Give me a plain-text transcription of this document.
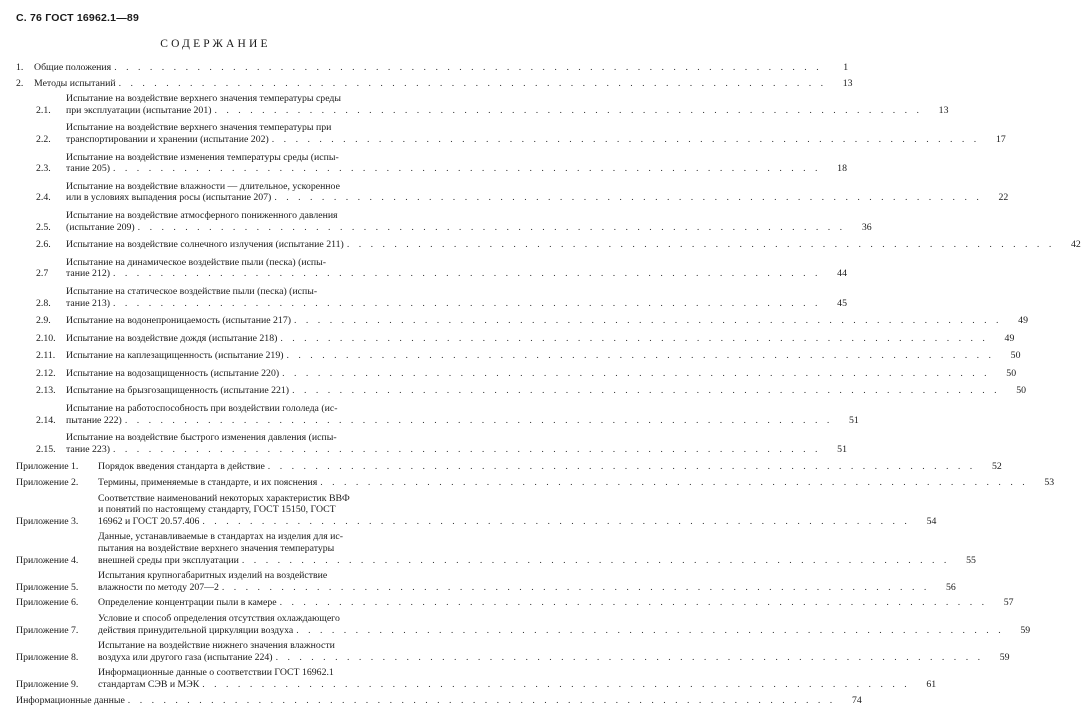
С. 76 ГОСТ 16962.1—89
СОДЕРЖАНИЕ
1.	Общие положения . . . . . . . . . . . . . . . . . . . . . . . . . . . . . . . . . . . . . . . . . . . . . . . . . . . . . . . . . . . .	1
2.	Методы испытаний . . . . . . . . . . . . . . . . . . . . . . . . . . . . . . . . . . . . . . . . . . . . . . . . . . . . . . . . . . . .	13
2.1.
Испытание на воздействие верхнего значения температуры среды
при эксплуатации (испытание 201) . . . . . . . . . . . . . . . . . . . . . . . . . . . . . . . . . . . . . . . . . . . . . . . . . . . . . . . . . . . .	13
2.2.
Испытание на воздействие верхнего значения температуры при
транспортировании и хранении (испытание 202) . . . . . . . . . . . . . . . . . . . . . . . . . . . . . . . . . . . . . . . . . . . . . . . . . . . . . . . . . . . .	17
2.3.
Испытание на воздействие изменения температуры среды (испы-
тание 205) . . . . . . . . . . . . . . . . . . . . . . . . . . . . . . . . . . . . . . . . . . . . . . . . . . . . . . . . . . . .	18
2.4.
Испытание на воздействие влажности — длительное, ускоренное
или в условиях выпадения росы (испытание 207) . . . . . . . . . . . . . . . . . . . . . . . . . . . . . . . . . . . . . . . . . . . . . . . . . . . . . . . . . . . .	22
2.5.
Испытание на воздействие атмосферного пониженного давления
(испытание 209) . . . . . . . . . . . . . . . . . . . . . . . . . . . . . . . . . . . . . . . . . . . . . . . . . . . . . . . . . . . .	36
2.6.	Испытание на воздействие солнечного излучения (испытание 211) . . . . . . . . . . . . . . . . . . . . . . . . . . . . . . . . . . . . . . . . . . . . . . . . . . . . . . . . . . . .	42
2.7
Испытание на динамическое воздействие пыли (песка) (испы-
тание 212) . . . . . . . . . . . . . . . . . . . . . . . . . . . . . . . . . . . . . . . . . . . . . . . . . . . . . . . . . . . .	44
2.8.
Испытание на статическое воздействие пыли (песка) (испы-
тание 213) . . . . . . . . . . . . . . . . . . . . . . . . . . . . . . . . . . . . . . . . . . . . . . . . . . . . . . . . . . . .	45
2.9.	Испытание на водонепроницаемость (испытание 217) . . . . . . . . . . . . . . . . . . . . . . . . . . . . . . . . . . . . . . . . . . . . . . . . . . . . . . . . . . . .	49
2.10.	Испытание на воздействие дождя (испытание 218) . . . . . . . . . . . . . . . . . . . . . . . . . . . . . . . . . . . . . . . . . . . . . . . . . . . . . . . . . . . .	49
2.11.	Испытание на каплезащищенность (испытание 219) . . . . . . . . . . . . . . . . . . . . . . . . . . . . . . . . . . . . . . . . . . . . . . . . . . . . . . . . . . . .	50
2.12.	Испытание на водозащищенность (испытание 220) . . . . . . . . . . . . . . . . . . . . . . . . . . . . . . . . . . . . . . . . . . . . . . . . . . . . . . . . . . . .	50
2.13.	Испытание на брызгозащищенность (испытание 221) . . . . . . . . . . . . . . . . . . . . . . . . . . . . . . . . . . . . . . . . . . . . . . . . . . . . . . . . . . . .	50
2.14.
Испытание на работоспособность при воздействии гололеда (ис-
пытание 222) . . . . . . . . . . . . . . . . . . . . . . . . . . . . . . . . . . . . . . . . . . . . . . . . . . . . . . . . . . . .	51
2.15.
Испытание на воздействие быстрого изменения давления (испы-
тание 223) . . . . . . . . . . . . . . . . . . . . . . . . . . . . . . . . . . . . . . . . . . . . . . . . . . . . . . . . . . . .	51
Приложение 1.	Порядок введения стандарта в действие . . . . . . . . . . . . . . . . . . . . . . . . . . . . . . . . . . . . . . . . . . . . . . . . . . . . . . . . . . . .	52
Приложение 2.	Термины, применяемые в стандарте, и их пояснения . . . . . . . . . . . . . . . . . . . . . . . . . . . . . . . . . . . . . . . . . . . . . . . . . . . . . . . . . . . .	53
Приложение 3.
Соответствие наименований некоторых характеристик ВВФ
и понятий по настоящему стандарту, ГОСТ 15150, ГОСТ
16962 и ГОСТ 20.57.406 . . . . . . . . . . . . . . . . . . . . . . . . . . . . . . . . . . . . . . . . . . . . . . . . . . . . . . . . . . . .	54
Приложение 4.
Данные, устанавливаемые в стандартах на изделия для ис-
пытания на воздействие верхнего значения температуры
внешней среды при эксплуатации . . . . . . . . . . . . . . . . . . . . . . . . . . . . . . . . . . . . . . . . . . . . . . . . . . . . . . . . . . . .	55
Приложение 5.
Испытания крупногабаритных изделий на воздействие
влажности по методу 207—2 . . . . . . . . . . . . . . . . . . . . . . . . . . . . . . . . . . . . . . . . . . . . . . . . . . . . . . . . . . . .	56
Приложение 6.	Определение концентрации пыли в камере . . . . . . . . . . . . . . . . . . . . . . . . . . . . . . . . . . . . . . . . . . . . . . . . . . . . . . . . . . . .	57
Приложение 7.
Условие и способ определения отсутствия охлаждающего
действия принудительной циркуляции воздуха . . . . . . . . . . . . . . . . . . . . . . . . . . . . . . . . . . . . . . . . . . . . . . . . . . . . . . . . . . . .	59
Приложение 8.
Испытание на воздействие нижнего значения влажности
воздуха или другого газа (испытание 224) . . . . . . . . . . . . . . . . . . . . . . . . . . . . . . . . . . . . . . . . . . . . . . . . . . . . . . . . . . . .	59
Приложение 9.
Информационные данные о соответствии ГОСТ 16962.1
стандартам СЭВ и МЭК . . . . . . . . . . . . . . . . . . . . . . . . . . . . . . . . . . . . . . . . . . . . . . . . . . . . . . . . . . . .	61
Информационные данные . . . . . . . . . . . . . . . . . . . . . . . . . . . . . . . . . . . . . . . . . . . . . . . . . . . . . . . . . . . .	74
